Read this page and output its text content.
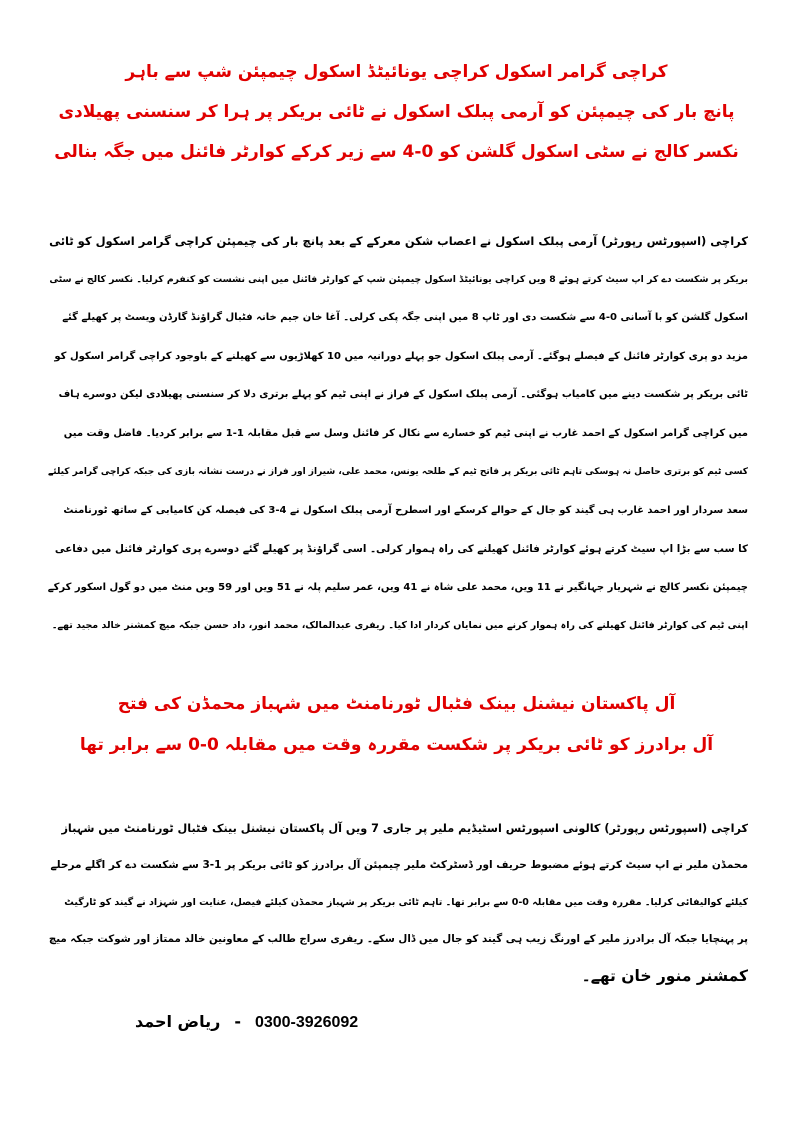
کراچی گرامر اسکول کراچی یونائیٹڈ اسکول چیمپئن شپ سے باہر
پانچ بار کی چیمپئن کو آرمی پبلک اسکول نے ٹائی بریکر پر ہرا کر سنسنی پھیلادی
نکسر کالج نے سٹی اسکول گلشن کو 0-4 سے زیر کرکے کوارٹر فائنل میں جگہ بنالی
کراچی (اسپورٹس رپورٹر) آرمی پبلک اسکول نے اعصاب شکن معرکے کے بعد پانچ بار کی چیمپئن کراچی گرامر اسکول کو ٹائی
بریکر پر شکست دے کر اپ سیٹ کرتے ہوئے 8 ویں کراچی یونائیٹڈ اسکول چیمپئن شپ کے کوارٹر فائنل میں اپنی نشست کو کنفرم کرلیا۔ نکسر کالج نے سٹی
اسکول گلشن کو با آسانی 0-4 سے شکست دی اور ٹاپ 8 میں اپنی جگہ پکی کرلی۔ آغا خان جیم خانہ فٹبال گراؤنڈ گارڈن ویسٹ پر کھیلے گئے
مزید دو پری کوارٹر فائنل کے فیصلے ہوگئے۔ آرمی پبلک اسکول جو پہلے دورانیہ میں 10 کھلاڑیوں سے کھیلنے کے باوجود کراچی گرامر اسکول کو
ٹائی بریکر پر شکست دینے میں کامیاب ہوگئی۔ آرمی پبلک اسکول کے فراز نے اپنی ٹیم کو پہلے برتری دلا کر سنسنی پھیلادی لیکن دوسرے ہاف
میں کراچی گرامر اسکول کے احمد غارب نے اپنی ٹیم کو خسارے سے نکال کر فائنل وسل سے قبل مقابلہ 1-1 سے برابر کردیا۔ فاضل وقت میں
کسی ٹیم کو برتری حاصل نہ ہوسکی تاہم ٹائی بریکر پر فاتح ٹیم کے طلحہ یونس، محمد علی، شیراز اور فراز نے درست نشانہ بازی کی جبکہ کراچی گرامر کیلئے
سعد سردار اور احمد غارب ہی گیند کو جال کے حوالے کرسکے اور اسطرح آرمی پبلک اسکول نے 4-3 کی فیصلہ کن کامیابی کے ساتھ ٹورنامنٹ
کا سب سے بڑا اپ سیٹ کرتے ہوئے کوارٹر فائنل کھیلنے کی راہ ہموار کرلی۔ اسی گراؤنڈ پر کھیلے گئے دوسرے پری کوارٹر فائنل میں دفاعی
چیمپئن نکسر کالج نے شہریار جہانگیر نے 11 ویں، محمد علی شاہ نے 41 ویں، عمر سلیم پلہ نے 51 ویں اور 59 ویں منٹ میں دو گول اسکور کرکے
اپنی ٹیم کی کوارٹر فائنل کھیلنے کی راہ ہموار کرنے میں نمایاں کردار ادا کیا۔ ریفری عبدالمالک، محمد انور، داد حسن جبکہ میچ کمشنر خالد مجید تھے۔
آل پاکستان نیشنل بینک فٹبال ٹورنامنٹ میں شہباز محمڈن کی فتح
آل برادرز کو ٹائی بریکر پر شکست مقررہ وقت میں مقابلہ 0-0 سے برابر تھا
کراچی (اسپورٹس رپورٹر) کالونی اسپورٹس اسٹیڈیم ملیر پر جاری 7 ویں آل پاکستان نیشنل بینک فٹبال ٹورنامنٹ میں شہباز
محمڈن ملیر نے اپ سیٹ کرتے ہوئے مضبوط حریف اور ڈسٹرکٹ ملیر چیمپئن آل برادرز کو ٹائی بریکر پر 1-3 سے شکست دے کر اگلے مرحلے
کیلئے کوالیفائی کرلیا۔ مقررہ وقت میں مقابلہ 0-0 سے برابر تھا۔ تاہم ٹائی بریکر پر شہباز محمڈن کیلئے فیصل، عنایت اور شہزاد نے گیند کو ٹارگیٹ
پر پہنچایا جبکہ آل برادرز ملیر کے اورنگ زیب ہی گیند کو جال میں ڈال سکے۔ ریفری سراج طالب کے معاونین خالد ممتاز اور شوکت جبکہ میچ
کمشنر منور خان تھے۔
ریاض احمد - 0300-3926092
